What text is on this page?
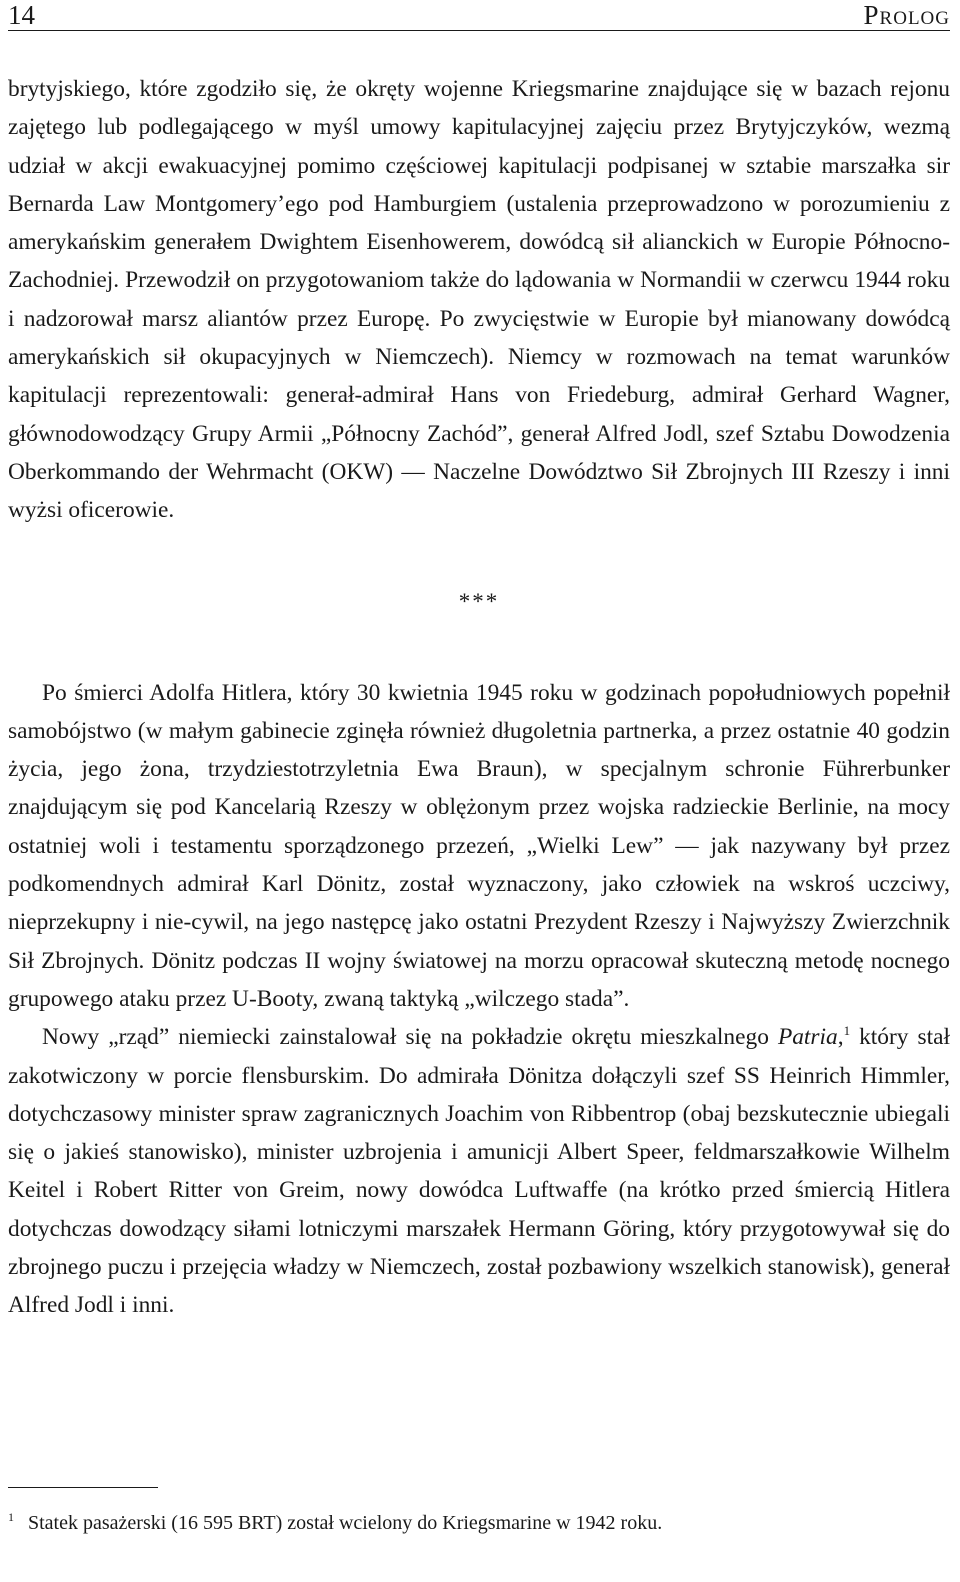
14	Prolog

brytyjskiego, które zgodziło się, że okręty wojenne Kriegsmarine znajdujące się w bazach rejonu zajętego lub podlegającego w myśl umowy kapitulacyjnej zajęciu przez Brytyjczyków, wezmą udział w akcji ewakuacyjnej pomimo częściowej kapitulacji podpisanej w sztabie marszałka sir Bernarda Law Montgomery’ego pod Hamburgiem (ustalenia przeprowadzono w porozumieniu z amerykańskim generałem Dwightem Eisenhowerem, dowódcą sił alianckich w Europie Północno-Zachodniej. Przewodził on przygotowaniom także do lądowania w Normandii w czerwcu 1944 roku i nadzorował marsz aliantów przez Europę. Po zwycięstwie w Europie był mianowany dowódcą amerykańskich sił okupacyjnych w Niemczech). Niemcy w rozmowach na temat warunków kapitulacji reprezentowali: generał-admirał Hans von Friedeburg, admirał Gerhard Wagner, głównodowodzący Grupy Armii „Północny Zachód”, generał Alfred Jodl, szef Sztabu Dowodzenia Oberkommando der Wehrmacht (OKW) — Naczelne Dowództwo Sił Zbrojnych III Rzeszy i inni wyżsi oficerowie.

***

Po śmierci Adolfa Hitlera, który 30 kwietnia 1945 roku w godzinach popołudniowych popełnił samobójstwo (w małym gabinecie zginęła również długoletnia partnerka, a przez ostatnie 40 godzin życia, jego żona, trzydziestotrzyletnia Ewa Braun), w specjalnym schronie Führerbunker znajdującym się pod Kancelarią Rzeszy w oblężonym przez wojska radzieckie Berlinie, na mocy ostatniej woli i testamentu sporządzonego przezeń, „Wielki Lew” — jak nazywany był przez podkomendnych admirał Karl Dönitz, został wyznaczony, jako człowiek na wskroś uczciwy, nieprzekupny i nie-cywil, na jego następcę jako ostatni Prezydent Rzeszy i Najwyższy Zwierzchnik Sił Zbrojnych. Dönitz podczas II wojny światowej na morzu opracował skuteczną metodę nocnego grupowego ataku przez U-Booty, zwaną taktyką „wilczego stada”.

Nowy „rząd” niemiecki zainstalował się na pokładzie okrętu mieszkalnego Patria,$^1$ który stał zakotwiczony w porcie flensburskim. Do admirała Dönitza dołączyli szef SS Heinrich Himmler, dotychczasowy minister spraw zagranicznych Joachim von Ribbentrop (obaj bezskutecznie ubiegali się o jakieś stanowisko), minister uzbrojenia i amunicji Albert Speer, feldmarszałkowie Wilhelm Keitel i Robert Ritter von Greim, nowy dowódca Luftwaffe (na krótko przed śmiercią Hitlera dotychczas dowodzący siłami lotniczymi marszałek Hermann Göring, który przygotowywał się do zbrojnego puczu i przejęcia władzy w Niemczech, został pozbawiony wszelkich stanowisk), generał Alfred Jodl i inni.

$^1$ Statek pasażerski (16 595 BRT) został wcielony do Kriegsmarine w 1942 roku.
